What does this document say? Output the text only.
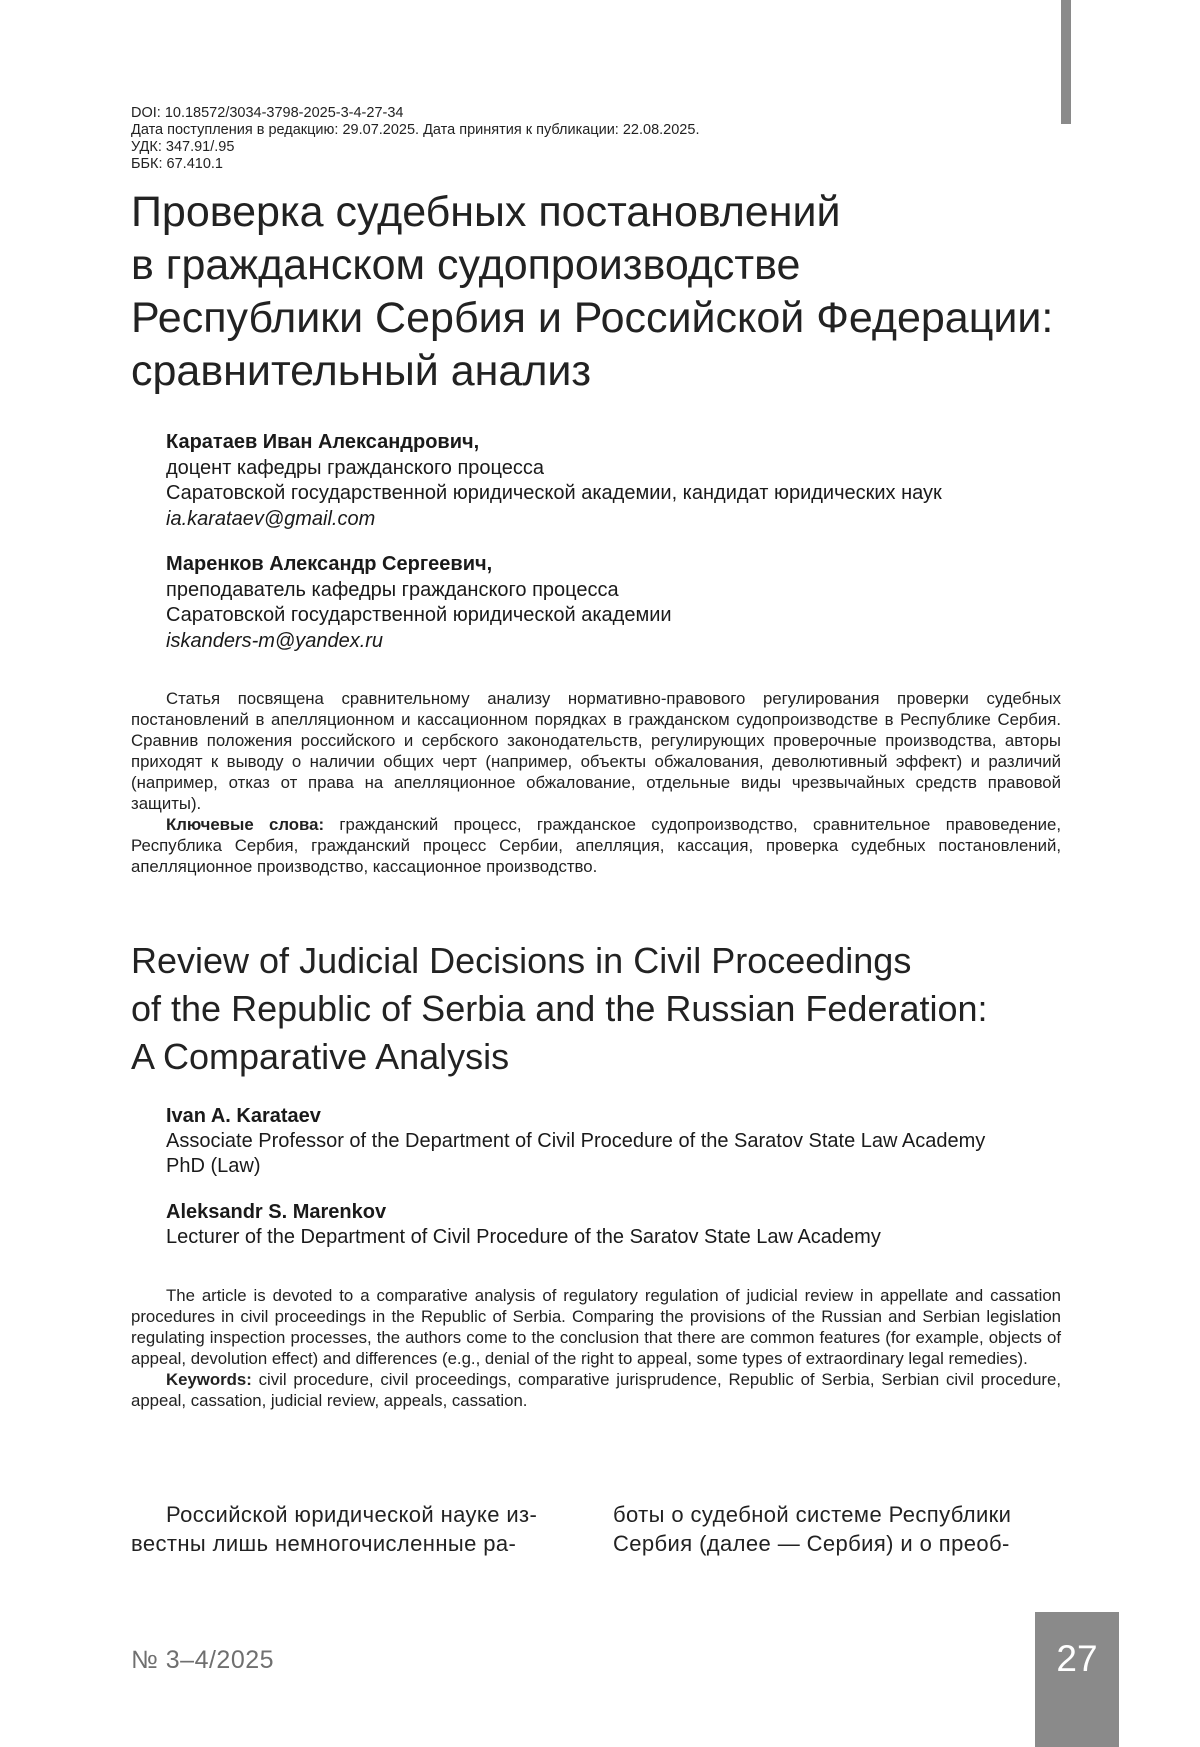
DOI: 10.18572/3034-3798-2025-3-4-27-34
Дата поступления в редакцию: 29.07.2025. Дата принятия к публикации: 22.08.2025.
УДК: 347.91/.95
ББК: 67.410.1
Проверка судебных постановлений
в гражданском судопроизводстве
Республики Сербия и Российской Федерации:
сравнительный анализ
Каратаев Иван Александрович,
доцент кафедры гражданского процесса
Саратовской государственной юридической академии, кандидат юридических наук
ia.karataev@gmail.com
Маренков Александр Сергеевич,
преподаватель кафедры гражданского процесса
Саратовской государственной юридической академии
iskanders-m@yandex.ru

Статья посвящена сравнительному анализу нормативно-правового регулирования проверки судебных постановлений в апелляционном и кассационном порядках в гражданском судопроизводстве в Республике Сербия. Сравнив положения российского и сербского законодательств, регулирующих проверочные производства, авторы приходят к выводу о наличии общих черт (например, объекты обжалования, деволютивный эффект) и различий (например, отказ от права на апелляционное обжалование, отдельные виды чрезвычайных средств правовой защиты).

Ключевые слова: гражданский процесс, гражданское судопроизводство, сравнительное правоведение, Республика Сербия, гражданский процесс Сербии, апелляция, кассация, проверка судебных постановлений, апелляционное производство, кассационное производство.

Review of Judicial Decisions in Civil Proceedings
of the Republic of Serbia and the Russian Federation:
A Comparative Analysis
Ivan A. Karataev
Associate Professor of the Department of Civil Procedure of the Saratov State Law Academy
PhD (Law)
Aleksandr S. Marenkov
Lecturer of the Department of Civil Procedure of the Saratov State Law Academy

The article is devoted to a comparative analysis of regulatory regulation of judicial review in appellate and cassation procedures in civil proceedings in the Republic of Serbia. Comparing the provisions of the Russian and Serbian legislation regulating inspection processes, the authors come to the conclusion that there are common features (for example, objects of appeal, devolution effect) and differences (e.g., denial of the right to appeal, some types of extraordinary legal remedies).

Keywords: civil procedure, civil proceedings, comparative jurisprudence, Republic of Serbia, Serbian civil procedure, appeal, cassation, judicial review, appeals, cassation.

Российской юридической науке из-
вестны лишь немногочисленные ра-
боты о судебной системе Республики
Сербия (далее — Сербия) и о преоб-
№ 3–4/2025	27
